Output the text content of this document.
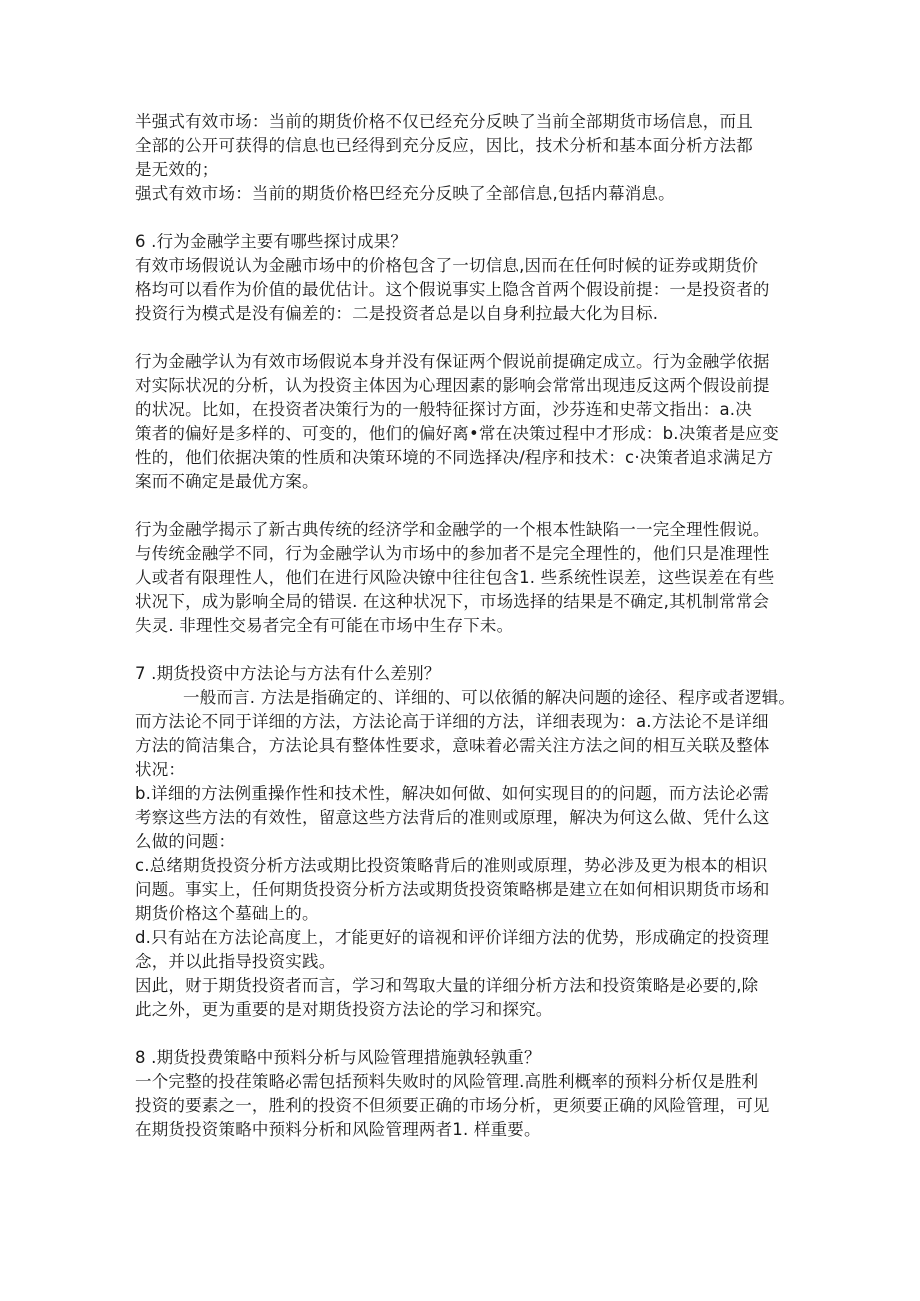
半强式有效市场：当前的期货价格不仅已经充分反映了当前全部期货市场信息，而且
全部的公开可获得的信息也已经得到充分反应，因比，技术分析和基本面分析方法都
是无效的；
强式有效市场：当前的期货价格巴经充分反映了全部信息,包括内幕消息。
6 .行为金融学主要有哪些探讨成果？
有效市场假说认为金融市场中的价格包含了一切信息,因而在任何时候的证券或期货价
格均可以看作为价值的最优估计。这个假说事实上隐含首两个假设前提：一是投资者的
投资行为模式是没有偏差的：二是投资者总是以自身利拉最大化为目标.
行为金融学认为有效市场假说本身并没有保证两个假说前提确定成立。行为金融学依据
对实际状况的分析，认为投资主体因为心理因素的影响会常常出现违反这两个假设前提
的状况。比如，在投资者决策行为的一般特征探讨方面，沙芬连和史蒂文指出：a.决
策者的偏好是多样的、可变的，他们的偏好离•常在决策过程中才形成：b.决策者是应变
性的，他们依据决策的性质和决策环境的不同选择决/程序和技术：c·决策者追求满足方
案而不确定是最优方案。
行为金融学揭示了新古典传统的经济学和金融学的一个根本性缺陷一一完全理性假说。
与传统金融学不同，行为金融学认为市场中的参加者不是完全理性的，他们只是准理性
人或者有限理性人，他们在进行风险决镣中往往包含1. 些系统性误差，这些误差在有些
状况下，成为影响全局的错误. 在这种状况下，市场选择的结果是不确定,其机制常常会
失灵. 非理性交易者完全有可能在市场中生存下未。
7 .期货投资中方法论与方法有什么差别？
一般而言. 方法是指确定的、详细的、可以依循的解决问题的途径、程序或者逻辑。
而方法论不同于详细的方法，方法论高于详细的方法，详细表现为：a.方法论不是详细
方法的简洁集合，方法论具有整体性要求，意味着必需关注方法之间的相互关联及整体
状况：
b.详细的方法例重操作性和技术性，解决如何做、如何实现目的的问题，而方法论必需
考察这些方法的有效性，留意这些方法背后的准则或原理，解决为何这么做、凭什么这
么做的问题：
c.总绪期货投资分析方法或期比投资策略背后的准则或原理，势必涉及更为根本的相识
问题。事实上，任何期货投资分析方法或期货投资策略梆是建立在如何相识期货市场和
期货价格这个墓础上的。
d.只有站在方法论高度上，才能更好的谙视和评价详细方法的优势，形成确定的投资理
念，并以此指导投资实践。
因此，财于期货投资者而言，学习和驾取大量的详细分析方法和投资策略是必要的,除
此之外，更为重要的是对期货投资方法论的学习和探究。
8 .期货投费策略中预料分析与风险管理措施孰轻孰重？
一个完整的投荏策略必需包括预料失败时的风险管理.高胜利概率的预料分析仅是胜利
投资的要素之一，胜利的投资不但须要正确的市场分析，更须要正确的风险管理，可见
在期货投资策略中预料分析和风险管理两者1. 样重要。
